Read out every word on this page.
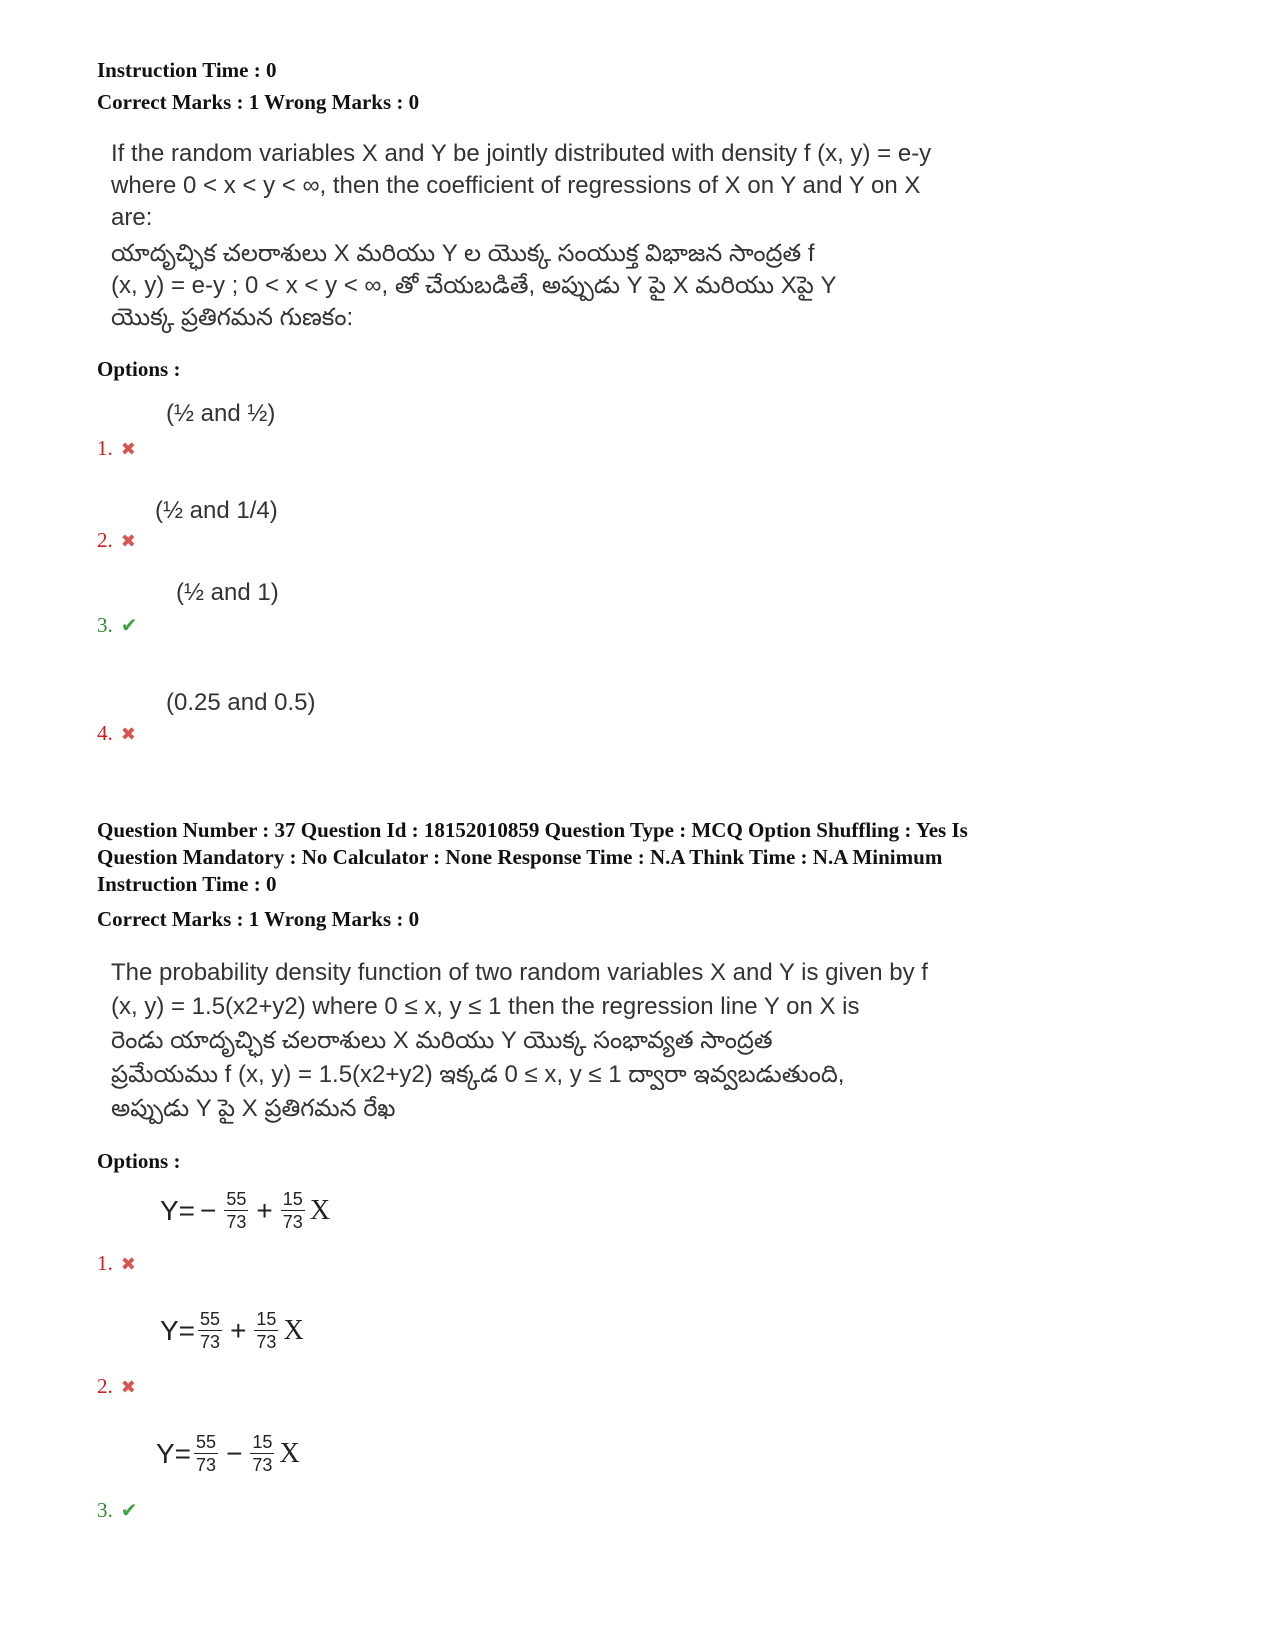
Instruction Time : 0
Correct Marks : 1 Wrong Marks : 0
If the random variables X and Y be jointly distributed with density f (x, y) = e-y
where 0 < x < y < ∞, then the coefficient of regressions of X on Y and Y on X
are:
యాదృచ్ఛిక చలరాశులు X మరియు Y ల యొక్క సంయుక్త విభాజన సాంద్రత f
(x, y) = e-y ; 0 < x < y < ∞, తో చేయబడితే, అప్పుడు Y పై X మరియు Xపై Y
యొక్క ప్రతిగమన గుణకం:
Options :
(½ and ½)
1. ✖
(½ and 1/4)
2. ✖
(½ and 1)
3. ✔
(0.25 and 0.5)
4. ✖
Question Number : 37 Question Id : 18152010859 Question Type : MCQ Option Shuffling : Yes Is
Question Mandatory : No Calculator : None Response Time : N.A Think Time : N.A Minimum
Instruction Time : 0
Correct Marks : 1 Wrong Marks : 0
The probability density function of two random variables X and Y is given by f
(x, y) = 1.5(x2+y2) where 0 ≤ x, y ≤ 1 then the regression line Y on X is
రెండు యాదృచ్ఛిక చలరాశులు X మరియు Y యొక్క సంభావ్యత సాంద్రత
ప్రమేయము f (x, y) = 1.5(x2+y2) ఇక్కడ 0 ≤ x, y ≤ 1 ద్వారా ఇవ్వబడుతుంది,
అప్పుడు Y పై X ప్రతిగమన రేఖ
Options :
$Y= - \frac{55}{73} + \frac{15}{73}$ X
1. ✖
$Y= \frac{55}{73} + \frac{15}{73}$ X
2. ✖
$Y= \frac{55}{73} - \frac{15}{73}$ X
3. ✔
